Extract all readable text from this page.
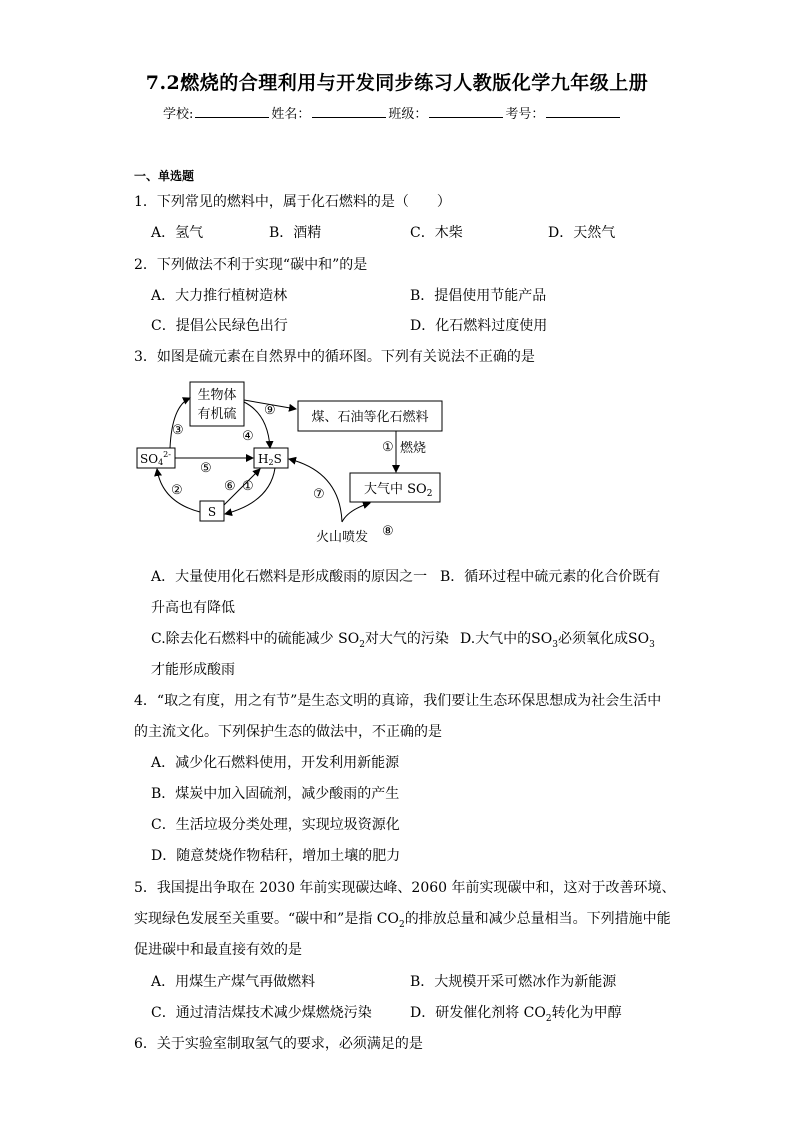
7.2燃烧的合理利用与开发同步练习人教版化学九年级上册
学校:	姓名：	班级：	考号：
一、单选题
1．下列常见的燃料中，属于化石燃料的是（　　）
A．氢气	B．酒精	C．木柴	D．天然气
2．下列做法不利于实现“碳中和”的是
A．大力推行植树造林	B．提倡使用节能产品
C．提倡公民绿色出行	D．化石燃料过度使用
3．如图是硫元素在自然界中的循环图。下列有关说法不正确的是
生物体
有机硫	煤、石油等化石燃料
大气中 $SO_2$
$SO4^{2-}$	H2S
S
③	④
⑤
②	⑥ ①
⑨
① 燃烧
⑦
⑧
火山喷发
A．大量使用化石燃料是形成酸雨的原因之一 B．循环过程中硫元素的化合价既有
升高也有降低
C.除去化石燃料中的硫能减少 $SO_2$对大气的污染 D.大气中的$SO_3$必须氧化成$SO_3$
才能形成酸雨
4．“取之有度，用之有节”是生态文明的真谛，我们要让生态环保思想成为社会生活中
的主流文化。下列保护生态的做法中，不正确的是
A．减少化石燃料使用，开发利用新能源
B．煤炭中加入固硫剂，减少酸雨的产生
C．生活垃圾分类处理，实现垃圾资源化
D．随意焚烧作物秸秆，增加土壤的肥力
5．我国提出争取在 2030 年前实现碳达峰、2060 年前实现碳中和，这对于改善环境、
实现绿色发展至关重要。“碳中和”是指 $CO_2$的排放总量和减少总量相当。下列措施中能
促进碳中和最直接有效的是
A．用煤生产煤气再做燃料	B．大规模开采可燃冰作为新能源
C．通过清洁煤技术减少煤燃烧污染	D．研发催化剂将 $CO_2$转化为甲醇
6．关于实验室制取氢气的要求，必须满足的是
